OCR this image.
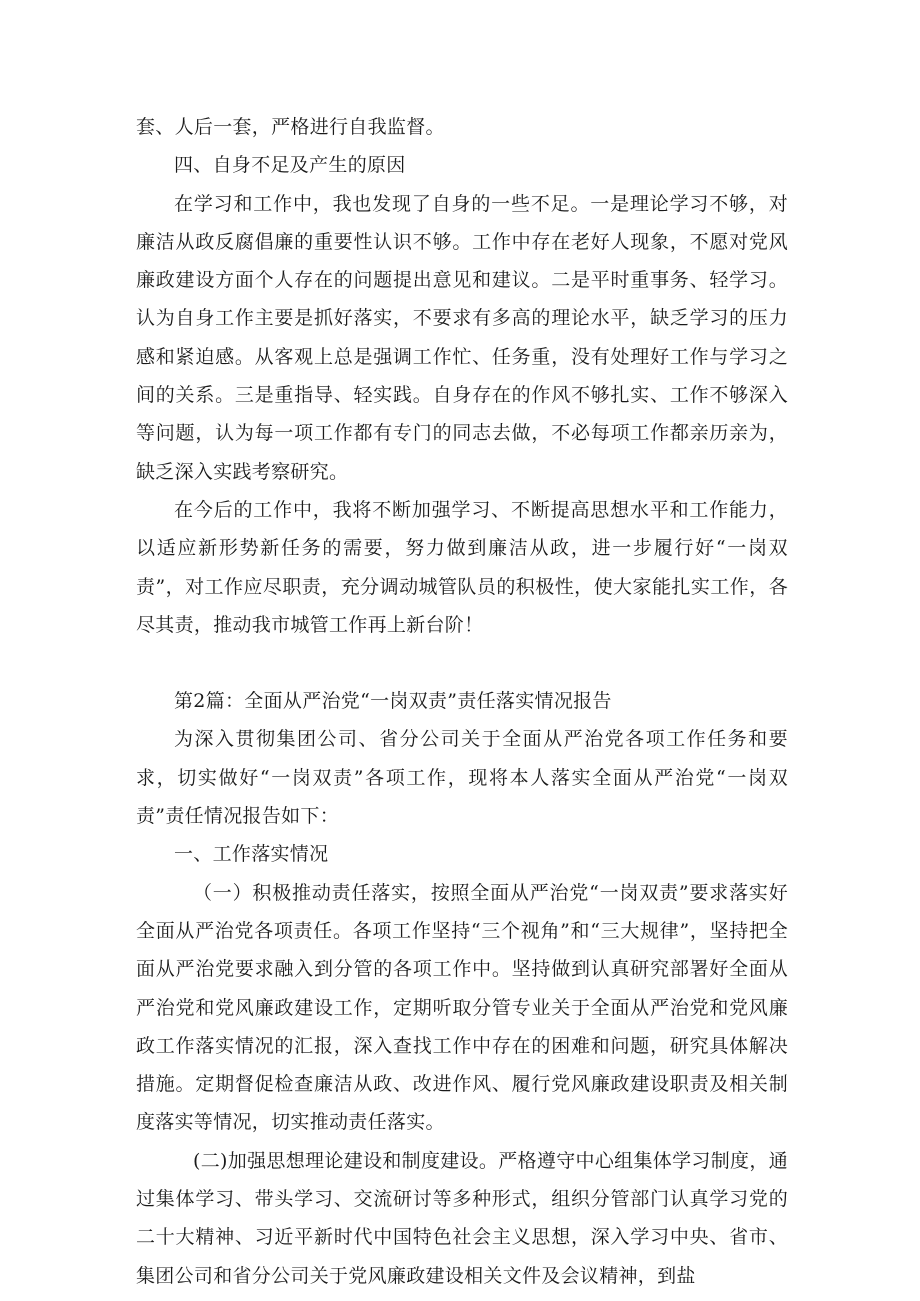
套、人后一套，严格进行自我监督。

四、自身不足及产生的原因

在学习和工作中，我也发现了自身的一些不足。一是理论学习不够，对廉洁从政反腐倡廉的重要性认识不够。工作中存在老好人现象，不愿对党风廉政建设方面个人存在的问题提出意见和建议。二是平时重事务、轻学习。认为自身工作主要是抓好落实，不要求有多高的理论水平，缺乏学习的压力感和紧迫感。从客观上总是强调工作忙、任务重，没有处理好工作与学习之间的关系。三是重指导、轻实践。自身存在的作风不够扎实、工作不够深入等问题，认为每一项工作都有专门的同志去做，不必每项工作都亲历亲为，缺乏深入实践考察研究。

在今后的工作中，我将不断加强学习、不断提高思想水平和工作能力，以适应新形势新任务的需要，努力做到廉洁从政，进一步履行好“一岗双责”，对工作应尽职责，充分调动城管队员的积极性，使大家能扎实工作，各尽其责，推动我市城管工作再上新台阶！

第2篇：全面从严治党“一岗双责”责任落实情况报告

为深入贯彻集团公司、省分公司关于全面从严治党各项工作任务和要求，切实做好“一岗双责”各项工作，现将本人落实全面从严治党“一岗双责”责任情况报告如下：

一、工作落实情况

（一）积极推动责任落实，按照全面从严治党“一岗双责”要求落实好全面从严治党各项责任。各项工作坚持“三个视角”和“三大规律”，坚持把全面从严治党要求融入到分管的各项工作中。坚持做到认真研究部署好全面从严治党和党风廉政建设工作，定期听取分管专业关于全面从严治党和党风廉政工作落实情况的汇报，深入查找工作中存在的困难和问题，研究具体解决措施。定期督促检查廉洁从政、改进作风、履行党风廉政建设职责及相关制度落实等情况，切实推动责任落实。

(二)加强思想理论建设和制度建设。严格遵守中心组集体学习制度，通过集体学习、带头学习、交流研讨等多种形式，组织分管部门认真学习党的二十大精神、习近平新时代中国特色社会主义思想，深入学习中央、省市、集团公司和省分公司关于党风廉政建设相关文件及会议精神，到盐
